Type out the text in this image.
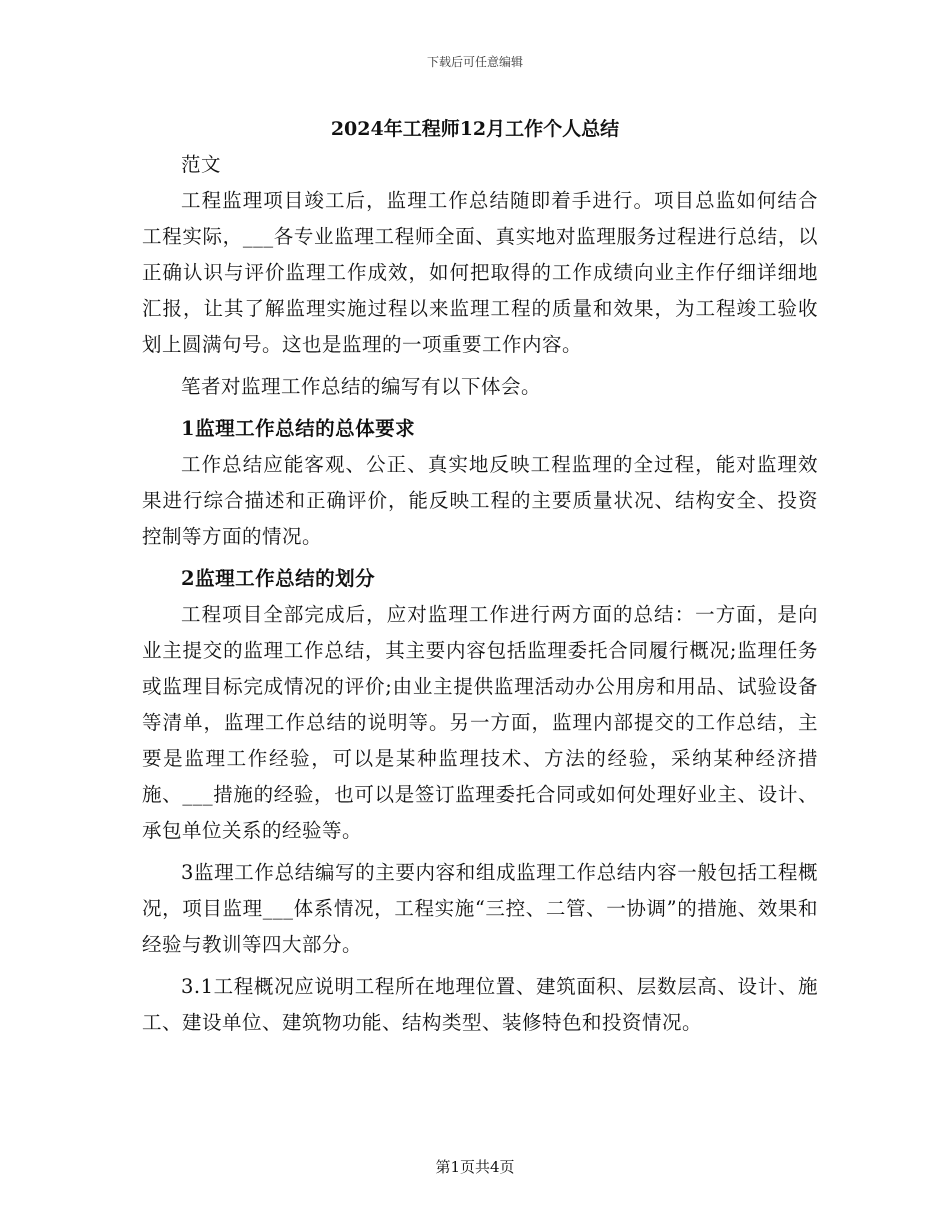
下载后可任意编辑
2024年工程师12月工作个人总结

范文

工程监理项目竣工后，监理工作总结随即着手进行。项目总监如何结合工程实际，___各专业监理工程师全面、真实地对监理服务过程进行总结，以正确认识与评价监理工作成效，如何把取得的工作成绩向业主作仔细详细地汇报，让其了解监理实施过程以来监理工程的质量和效果，为工程竣工验收划上圆满句号。这也是监理的一项重要工作内容。

笔者对监理工作总结的编写有以下体会。

1监理工作总结的总体要求

工作总结应能客观、公正、真实地反映工程监理的全过程，能对监理效果进行综合描述和正确评价，能反映工程的主要质量状况、结构安全、投资控制等方面的情况。

2监理工作总结的划分

工程项目全部完成后，应对监理工作进行两方面的总结：一方面，是向业主提交的监理工作总结，其主要内容包括监理委托合同履行概况;监理任务或监理目标完成情况的评价;由业主提供监理活动办公用房和用品、试验设备等清单，监理工作总结的说明等。另一方面，监理内部提交的工作总结，主要是监理工作经验，可以是某种监理技术、方法的经验，采纳某种经济措施、___措施的经验，也可以是签订监理委托合同或如何处理好业主、设计、承包单位关系的经验等。

3监理工作总结编写的主要内容和组成监理工作总结内容一般包括工程概况，项目监理___体系情况，工程实施“三控、二管、一协调”的措施、效果和经验与教训等四大部分。

3.1工程概况应说明工程所在地理位置、建筑面积、层数层高、设计、施工、建设单位、建筑物功能、结构类型、装修特色和投资情况。

第1页共4页
